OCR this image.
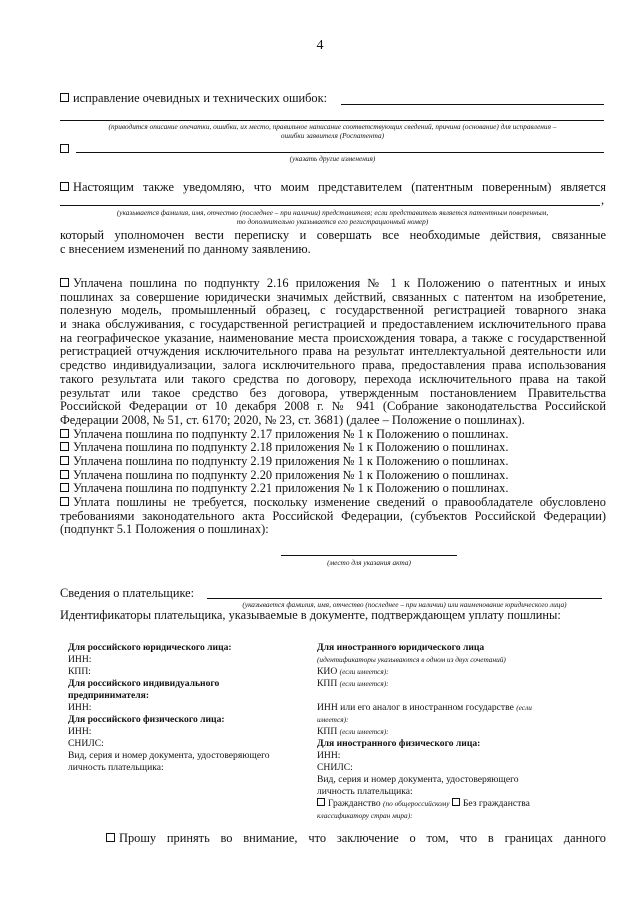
4
исправление очевидных и технических ошибок:
(приводится описание опечатки, ошибки, их место, правильное написание соответствующих сведений, причина (основание) для исправления –
ошибки заявителя (Роспатента)
(указать другие изменения)
Настоящим также уведомляю, что моим представителем (патентным поверенным) является
,
(указывается фамилия, имя, отчество (последнее – при наличии) представителя; если представитель является патентным поверенным,
то дополнительно указывается его регистрационный номер)
который уполномочен вести переписку и совершать все необходимые действия, связанные
с внесением изменений по данному заявлению.
Уплачена пошлина по подпункту 2.16 приложения № 1 к Положению о патентных и иных
пошлинах за совершение юридически значимых действий, связанных с патентом на изобретение,
полезную модель, промышленный образец, с государственной регистрацией товарного знака
и знака обслуживания, с государственной регистрацией и предоставлением исключительного права
на географическое указание, наименование места происхождения товара, а также с государственной
регистрацией отчуждения исключительного права на результат интеллектуальной деятельности или
средство индивидуализации, залога исключительного права, предоставления права использования
такого результата или такого средства по договору, перехода исключительного права на такой
результат или такое средство без договора, утвержденным постановлением Правительства
Российской Федерации от 10 декабря 2008 г. № 941 (Собрание законодательства Российской
Федерации 2008, № 51, ст. 6170; 2020, № 23, ст. 3681) (далее – Положение о пошлинах).
Уплачена пошлина по подпункту 2.17 приложения № 1 к Положению о пошлинах.
Уплачена пошлина по подпункту 2.18 приложения № 1 к Положению о пошлинах.
Уплачена пошлина по подпункту 2.19 приложения № 1 к Положению о пошлинах.
Уплачена пошлина по подпункту 2.20 приложения № 1 к Положению о пошлинах.
Уплачена пошлина по подпункту 2.21 приложения № 1 к Положению о пошлинах.
Уплата пошлины не требуется, поскольку изменение сведений о правообладателе обусловлено
требованиями законодательного акта Российской Федерации, (субъектов Российской Федерации)
(подпункт 5.1 Положения о пошлинах):
(место для указания акта)
Сведения о плательщике:
(указывается фамилия, имя, отчество (последнее – при наличии) или наименование юридического лица)
Идентификаторы плательщика, указываемые в документе, подтверждающем уплату пошлины:
Для российского юридического лица:
ИНН:
КПП:
Для российского индивидуального
предпринимателя:
ИНН:
Для российского физического лица:
ИНН:
СНИЛС:
Вид, серия и номер документа, удостоверяющего
личность плательщика:
Для иностранного юридического лица
(идентификаторы указываются в одном из двух сочетаний)
КИО (если имеется):
КПП (если имеется):
ИНН или его аналог в иностранном государстве (если
имеется):
КПП (если имеется):
Для иностранного физического лица:
ИНН:
СНИЛС:
Вид, серия и номер документа, удостоверяющего
личность плательщика:
Гражданство (по общероссийскому Без гражданства
классификатору стран мира):
Прошу принять во внимание, что заключение о том, что в границах данного
